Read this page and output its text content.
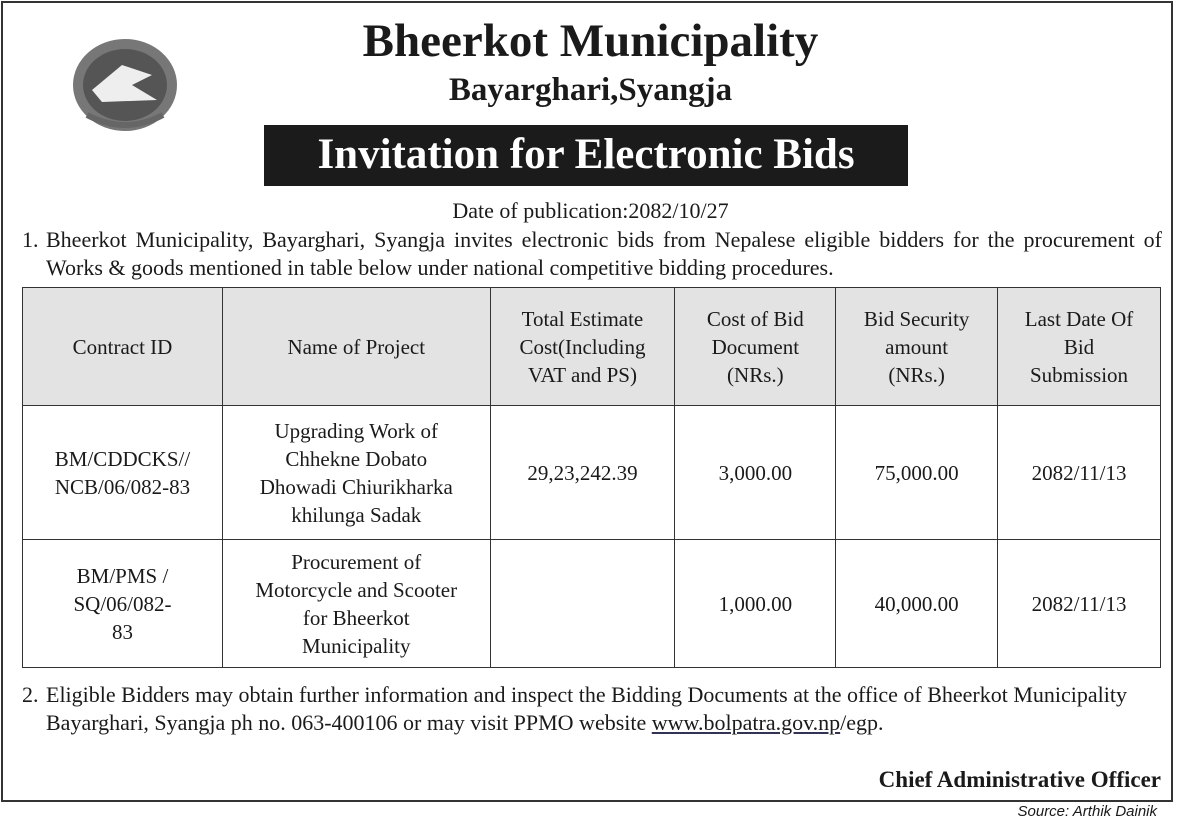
Bheerkot Municipality
Bayarghari,Syangja
Invitation for Electronic Bids
Date of publication:2082/10/27
1. Bheerkot Municipality, Bayarghari, Syangja invites electronic bids from Nepalese eligible bidders for the procurement of Works & goods mentioned in table below under national competitive bidding procedures.
Contract ID	Name of Project	Total Estimate Cost(Including VAT and PS)	Cost of Bid Document (NRs.)	Bid Security amount (NRs.)	Last Date Of Bid Submission
BM/CDDCKS// NCB/06/082-83	Upgrading Work of Chhekne Dobato Dhowadi Chiurikharka khilunga Sadak	29,23,242.39	3,000.00	75,000.00	2082/11/13
BM/PMS / SQ/06/082-83	Procurement of Motorcycle and Scooter for Bheerkot Municipality		1,000.00	40,000.00	2082/11/13
2. Eligible Bidders may obtain further information and inspect the Bidding Documents at the office of Bheerkot Municipality Bayarghari, Syangja ph no. 063-400106 or may visit PPMO website www.bolpatra.gov.np/egp.
Chief Administrative Officer
Source: Arthik Dainik
